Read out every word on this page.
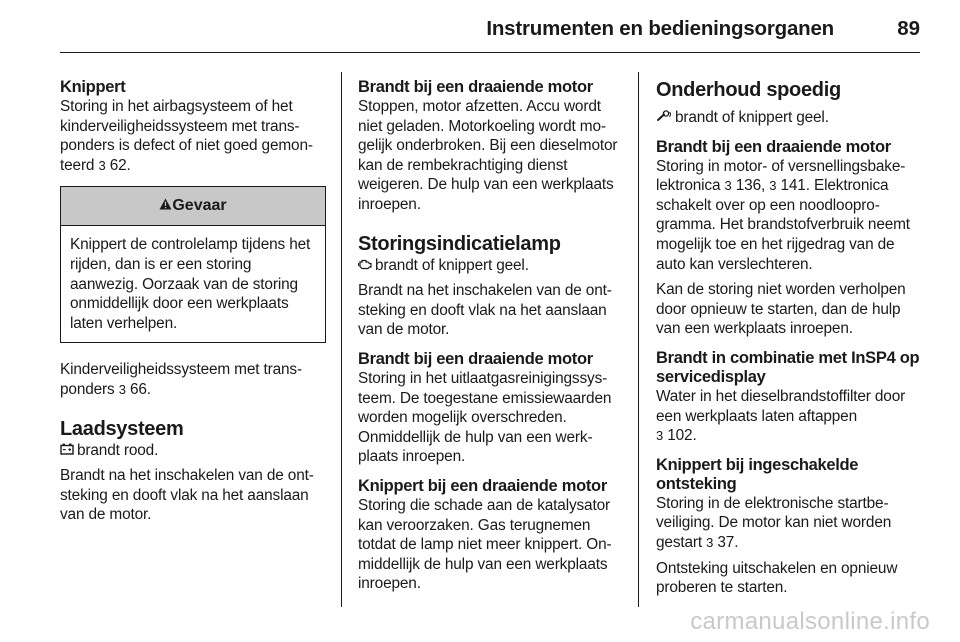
Instrumenten en bedieningsorganen	89

Knippert

Storing in het airbagsysteem of het kinderveiligheidssysteem met transponders is defect of niet goed gemonteerd 3 62.

Gevaar
Knippert de controlelamp tijdens het rijden, dan is er een storing aanwezig. Oorzaak van de storing onmiddellijk door een werkplaats laten verhelpen.

Kinderveiligheidssysteem met transponders 3 66.

Laadsysteem

brandt rood.

Brandt na het inschakelen van de ontsteking en dooft vlak na het aanslaan van de motor.

Brandt bij een draaiende motor

Stoppen, motor afzetten. Accu wordt niet geladen. Motorkoeling wordt mogelijk onderbroken. Bij een dieselmotor kan de rembekrachtiging dienst weigeren. De hulp van een werkplaats inroepen.

Storingsindicatielamp

brandt of knippert geel.

Brandt na het inschakelen van de ontsteking en dooft vlak na het aanslaan van de motor.

Brandt bij een draaiende motor

Storing in het uitlaatgasreinigingssysteem. De toegestane emissiewaarden worden mogelijk overschreden. Onmiddellijk de hulp van een werkplaats inroepen.

Knippert bij een draaiende motor

Storing die schade aan de katalysator kan veroorzaken. Gas terugnemen totdat de lamp niet meer knippert. Onmiddellijk de hulp van een werkplaats inroepen.

Onderhoud spoedig

brandt of knippert geel.

Brandt bij een draaiende motor

Storing in motor- of versnellingsbakelektronica 3 136, 3 141. Elektronica schakelt over op een noodlooprogramma. Het brandstofverbruik neemt mogelijk toe en het rijgedrag van de auto kan verslechteren.

Kan de storing niet worden verholpen door opnieuw te starten, dan de hulp van een werkplaats inroepen.

Brandt in combinatie met InSP4 op servicedisplay

Water in het dieselbrandstoffilter door een werkplaats laten aftappen
3 102.

Knippert bij ingeschakelde ontsteking

Storing in de elektronische startbeveiliging. De motor kan niet worden gestart 3 37.

Ontsteking uitschakelen en opnieuw proberen te starten.

carmanualsonline.info
